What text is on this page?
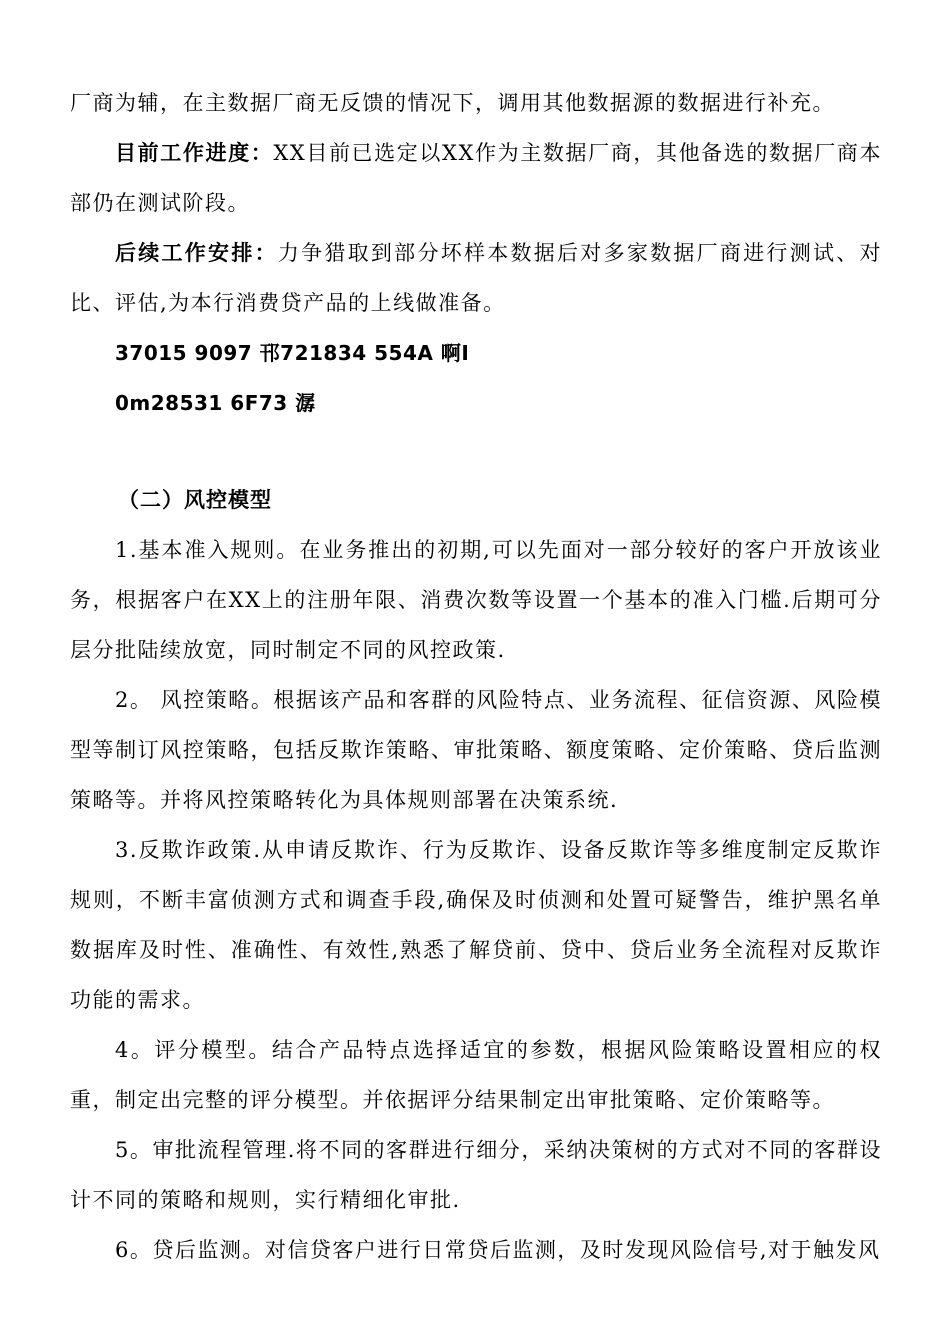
厂商为辅，在主数据厂商无反馈的情况下，调用其他数据源的数据进行补充。

目前工作进度：XX目前已选定以XX作为主数据厂商，其他备选的数据厂商本部仍在测试阶段。

后续工作安排：力争猎取到部分坏样本数据后对多家数据厂商进行测试、对比、评估,为本行消费贷产品的上线做准备。

37015 9097 邗721834 554A 啊I

0m28531 6F73 潺

（二）风控模型

1.基本准入规则。在业务推出的初期,可以先面对一部分较好的客户开放该业务，根据客户在XX上的注册年限、消费次数等设置一个基本的准入门槛.后期可分层分批陆续放宽，同时制定不同的风控政策.

2。 风控策略。根据该产品和客群的风险特点、业务流程、征信资源、风险模型等制订风控策略，包括反欺诈策略、审批策略、额度策略、定价策略、贷后监测策略等。并将风控策略转化为具体规则部署在决策系统.

3.反欺诈政策.从申请反欺诈、行为反欺诈、设备反欺诈等多维度制定反欺诈规则，不断丰富侦测方式和调查手段,确保及时侦测和处置可疑警告，维护黑名单数据库及时性、准确性、有效性,熟悉了解贷前、贷中、贷后业务全流程对反欺诈功能的需求。

4。评分模型。结合产品特点选择适宜的参数，根据风险策略设置相应的权重，制定出完整的评分模型。并依据评分结果制定出审批策略、定价策略等。

5。审批流程管理.将不同的客群进行细分，采纳决策树的方式对不同的客群设计不同的策略和规则，实行精细化审批.

6。贷后监测。对信贷客户进行日常贷后监测，及时发现风险信号,对于触发风
